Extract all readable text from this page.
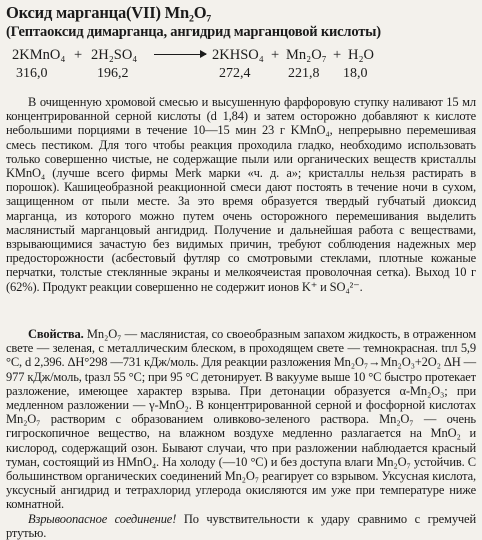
Оксид марганца(VII) Mn₂O₇
(Гептаоксид димарганца, ангидрид марганцовой кислоты)
2KMnO₄ + 2H₂SO₄ → 2KHSO₄ + Mn₂O₇ + H₂O
316,0	196,2	272,4	221,8 18,0

В очищенную хромовой смесью и высушенную фарфоровую ступку наливают 15 мл концентрированной серной кислоты (d 1,84) и затем осторожно добавляют к кислоте небольшими порциями в течение 10—15 мин 23 г KMnO₄, непрерывно перемешивая смесь пестиком. Для того чтобы реакция проходила гладко, необходимо использовать только совершенно чистые, не содержащие пыли или органических веществ кристаллы KMnO₄ (лучше всего фирмы Merk марки «ч. д. а»; кристаллы нельзя растирать в порошок). Кашицеобразной реакционной смеси дают постоять в течение ночи в сухом, защищенном от пыли месте. За это время образуется твердый губчатый диоксид марганца, из которого можно путем очень осторожного перемешивания выделить маслянистый марганцовый ангидрид. Получение и дальнейшая работа с веществами, взрывающимися зачастую без видимых причин, требуют соблюдения надежных мер предосторожности (асбестовый футляр со смотровыми стеклами, плотные кожаные перчатки, толстые стеклянные экраны и мелкоячеистая проволочная сетка). Выход 10 г (62%). Продукт реакции совершенно не содержит ионов K⁺ и SO₄²⁻.

Свойства. Mn₂O₇ — маслянистая, со своеобразным запахом жидкость, в отраженном свете — зеленая, с металлическим блеском, в проходящем свете — темнокрасная. tпл 5,9 °C, d 2,396. ΔH°298 —731 кДж/моль. Для реакции разложения Mn₂O₇→Mn₂O₃+2O₂ ΔH —977 кДж/моль, tразл 55 °C; при 95 °C детонирует. В вакууме выше 10 °C быстро протекает разложение, имеющее характер взрыва. При детонации образуется α-Mn₂O₃; при медленном разложении — γ-MnO₂. В концентрированной серной и фосфорной кислотах Mn₂O₇ растворим с образованием оливково-зеленого раствора. Mn₂O₇ — очень гигроскопичное вещество, на влажном воздухе медленно разлагается на MnO₂ и кислород, содержащий озон. Бывают случаи, что при разложении наблюдается красный туман, состоящий из HMnO₄. На холоду (—10 °C) и без доступа влаги Mn₂O₇ устойчив. С большинством органических соединений Mn₂O₇ реагирует со взрывом. Уксусная кислота, уксусный ангидрид и тетрахлорид углерода окисляются им уже при температуре ниже комнатной.

Взрывоопасное соединение! По чувствительности к удару сравнимо с гремучей ртутью.
